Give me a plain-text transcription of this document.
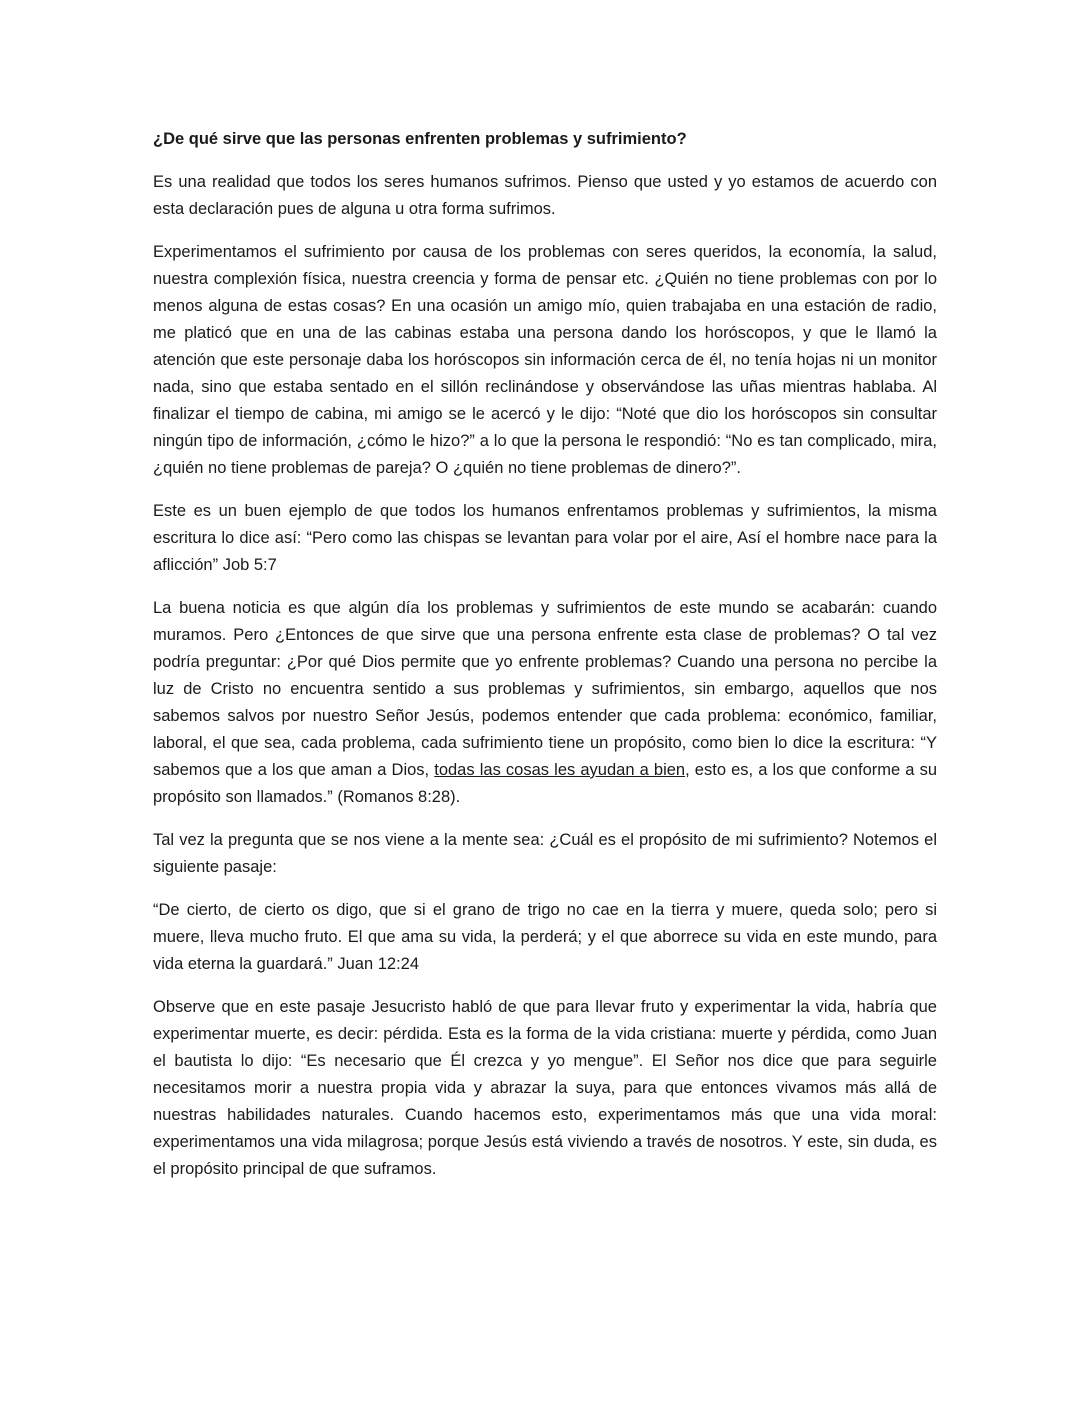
¿De qué sirve que las personas enfrenten problemas y sufrimiento?

Es una realidad que todos los seres humanos sufrimos. Pienso que usted y yo estamos de acuerdo con esta declaración pues de alguna u otra forma sufrimos.

Experimentamos el sufrimiento por causa de los problemas con seres queridos, la economía, la salud, nuestra complexión física, nuestra creencia y forma de pensar etc. ¿Quién no tiene problemas con por lo menos alguna de estas cosas? En una ocasión un amigo mío, quien trabajaba en una estación de radio, me platicó que en una de las cabinas estaba una persona dando los horóscopos, y que le llamó la atención que este personaje daba los horóscopos sin información cerca de él, no tenía hojas ni un monitor nada, sino que estaba sentado en el sillón reclinándose y observándose las uñas mientras hablaba. Al finalizar el tiempo de cabina, mi amigo se le acercó y le dijo: “Noté que dio los horóscopos sin consultar ningún tipo de información, ¿cómo le hizo?” a lo que la persona le respondió: “No es tan complicado, mira, ¿quién no tiene problemas de pareja? O ¿quién no tiene problemas de dinero?”.

Este es un buen ejemplo de que todos los humanos enfrentamos problemas y sufrimientos, la misma escritura lo dice así: “Pero como las chispas se levantan para volar por el aire, Así el hombre nace para la aflicción” Job 5:7

La buena noticia es que algún día los problemas y sufrimientos de este mundo se acabarán: cuando muramos. Pero ¿Entonces de que sirve que una persona enfrente esta clase de problemas? O tal vez podría preguntar: ¿Por qué Dios permite que yo enfrente problemas? Cuando una persona no percibe la luz de Cristo no encuentra sentido a sus problemas y sufrimientos, sin embargo, aquellos que nos sabemos salvos por nuestro Señor Jesús, podemos entender que cada problema: económico, familiar, laboral, el que sea, cada problema, cada sufrimiento tiene un propósito, como bien lo dice la escritura: “Y sabemos que a los que aman a Dios, todas las cosas les ayudan a bien, esto es, a los que conforme a su propósito son llamados.” (Romanos 8:28).

Tal vez la pregunta que se nos viene a la mente sea: ¿Cuál es el propósito de mi sufrimiento? Notemos el siguiente pasaje:

“De cierto, de cierto os digo, que si el grano de trigo no cae en la tierra y muere, queda solo; pero si muere, lleva mucho fruto. El que ama su vida, la perderá; y el que aborrece su vida en este mundo, para vida eterna la guardará.” Juan 12:24

Observe que en este pasaje Jesucristo habló de que para llevar fruto y experimentar la vida, habría que experimentar muerte, es decir: pérdida. Esta es la forma de la vida cristiana: muerte y pérdida, como Juan el bautista lo dijo: “Es necesario que Él crezca y yo mengue”. El Señor nos dice que para seguirle necesitamos morir a nuestra propia vida y abrazar la suya, para que entonces vivamos más allá de nuestras habilidades naturales. Cuando hacemos esto, experimentamos más que una vida moral: experimentamos una vida milagrosa; porque Jesús está viviendo a través de nosotros. Y este, sin duda, es el propósito principal de que suframos.
